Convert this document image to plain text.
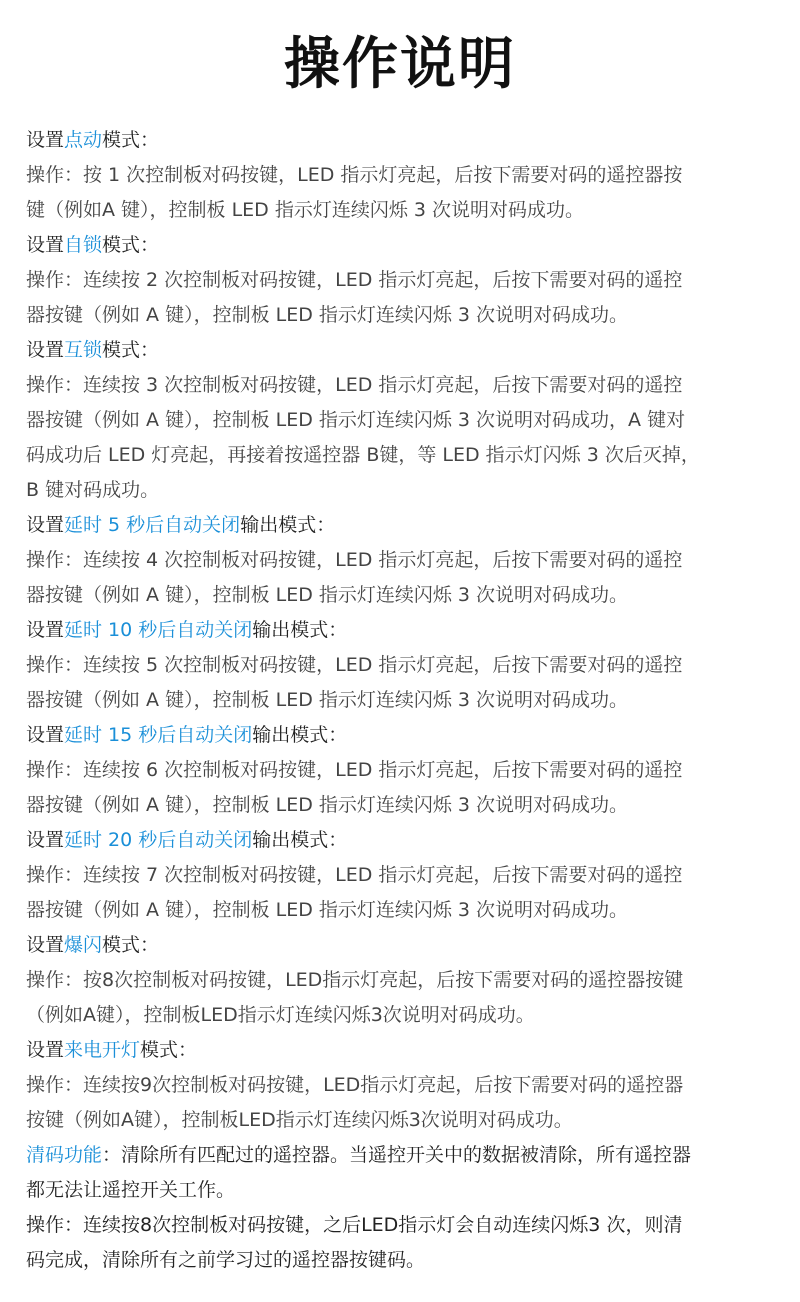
操作说明
设置点动模式：
操作：按 1 次控制板对码按键，LED 指示灯亮起，后按下需要对码的遥控器按
键（例如A 键），控制板 LED 指示灯连续闪烁 3 次说明对码成功。
设置自锁模式：
操作：连续按 2 次控制板对码按键，LED 指示灯亮起，后按下需要对码的遥控
器按键（例如 A 键），控制板 LED 指示灯连续闪烁 3 次说明对码成功。
设置互锁模式：
操作：连续按 3 次控制板对码按键，LED 指示灯亮起，后按下需要对码的遥控
器按键（例如 A 键），控制板 LED 指示灯连续闪烁 3 次说明对码成功，A 键对
码成功后 LED 灯亮起，再接着按遥控器 B键，等 LED 指示灯闪烁 3 次后灭掉，
B 键对码成功。
设置延时 5 秒后自动关闭输出模式：
操作：连续按 4 次控制板对码按键，LED 指示灯亮起，后按下需要对码的遥控
器按键（例如 A 键），控制板 LED 指示灯连续闪烁 3 次说明对码成功。
设置延时 10 秒后自动关闭输出模式：
操作：连续按 5 次控制板对码按键，LED 指示灯亮起，后按下需要对码的遥控
器按键（例如 A 键），控制板 LED 指示灯连续闪烁 3 次说明对码成功。
设置延时 15 秒后自动关闭输出模式：
操作：连续按 6 次控制板对码按键，LED 指示灯亮起，后按下需要对码的遥控
器按键（例如 A 键），控制板 LED 指示灯连续闪烁 3 次说明对码成功。
设置延时 20 秒后自动关闭输出模式：
操作：连续按 7 次控制板对码按键，LED 指示灯亮起，后按下需要对码的遥控
器按键（例如 A 键），控制板 LED 指示灯连续闪烁 3 次说明对码成功。
设置爆闪模式：
操作：按8次控制板对码按键，LED指示灯亮起，后按下需要对码的遥控器按键
（例如A键），控制板LED指示灯连续闪烁3次说明对码成功。
设置来电开灯模式：
操作：连续按9次控制板对码按键，LED指示灯亮起，后按下需要对码的遥控器
按键（例如A键），控制板LED指示灯连续闪烁3次说明对码成功。
清码功能：清除所有匹配过的遥控器。当遥控开关中的数据被清除，所有遥控器
都无法让遥控开关工作。
操作：连续按8次控制板对码按键，之后LED指示灯会自动连续闪烁3 次，则清
码完成，清除所有之前学习过的遥控器按键码。
